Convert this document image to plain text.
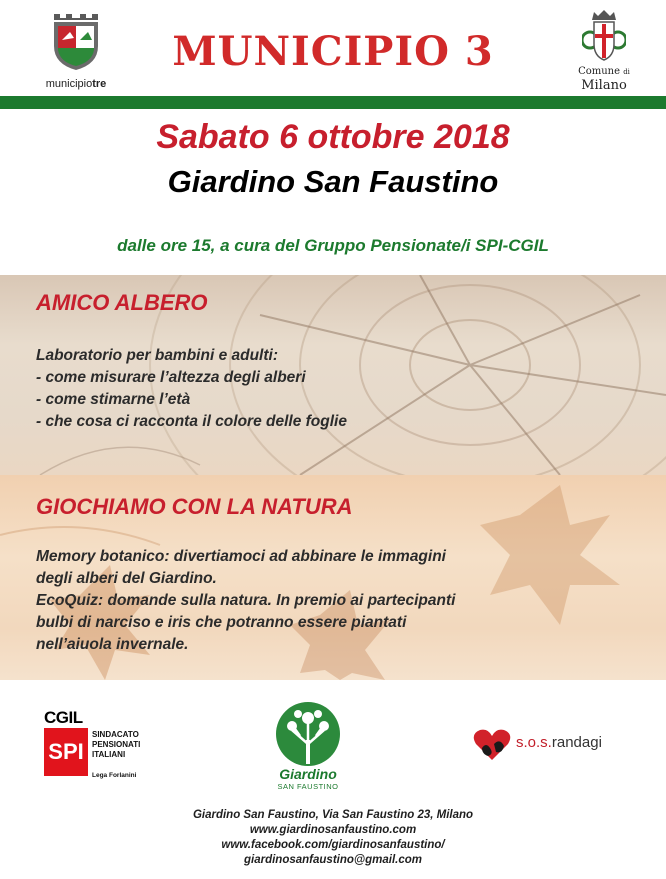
municipiotre
MUNICIPIO 3	Comune di
Milano
Sabato 6 ottobre 2018
Giardino San Faustino
dalle ore 15, a cura del Gruppo Pensionate/i SPI-CGIL
AMICO ALBERO
Laboratorio per bambini e adulti:
- come misurare l’altezza degli alberi
- come stimarne l’età
- che cosa ci racconta il colore delle foglie
GIOCHIAMO CON LA NATURA
Memory botanico: divertiamoci ad abbinare le immagini
degli alberi del Giardino.
EcoQuiz: domande sulla natura. In premio ai partecipanti
bulbi di narciso e iris che potranno essere piantati
nell’aiuola invernale.
CGIL
SPI
SINDACATO
PENSIONATI
ITALIANI
Lega Forlanini	Giardino
SAN FAUSTINO
s.o.s.randagi
Giardino San Faustino, Via San Faustino 23, Milano
www.giardinosanfaustino.com
www.facebook.com/giardinosanfaustino/
giardinosanfaustino@gmail.com
